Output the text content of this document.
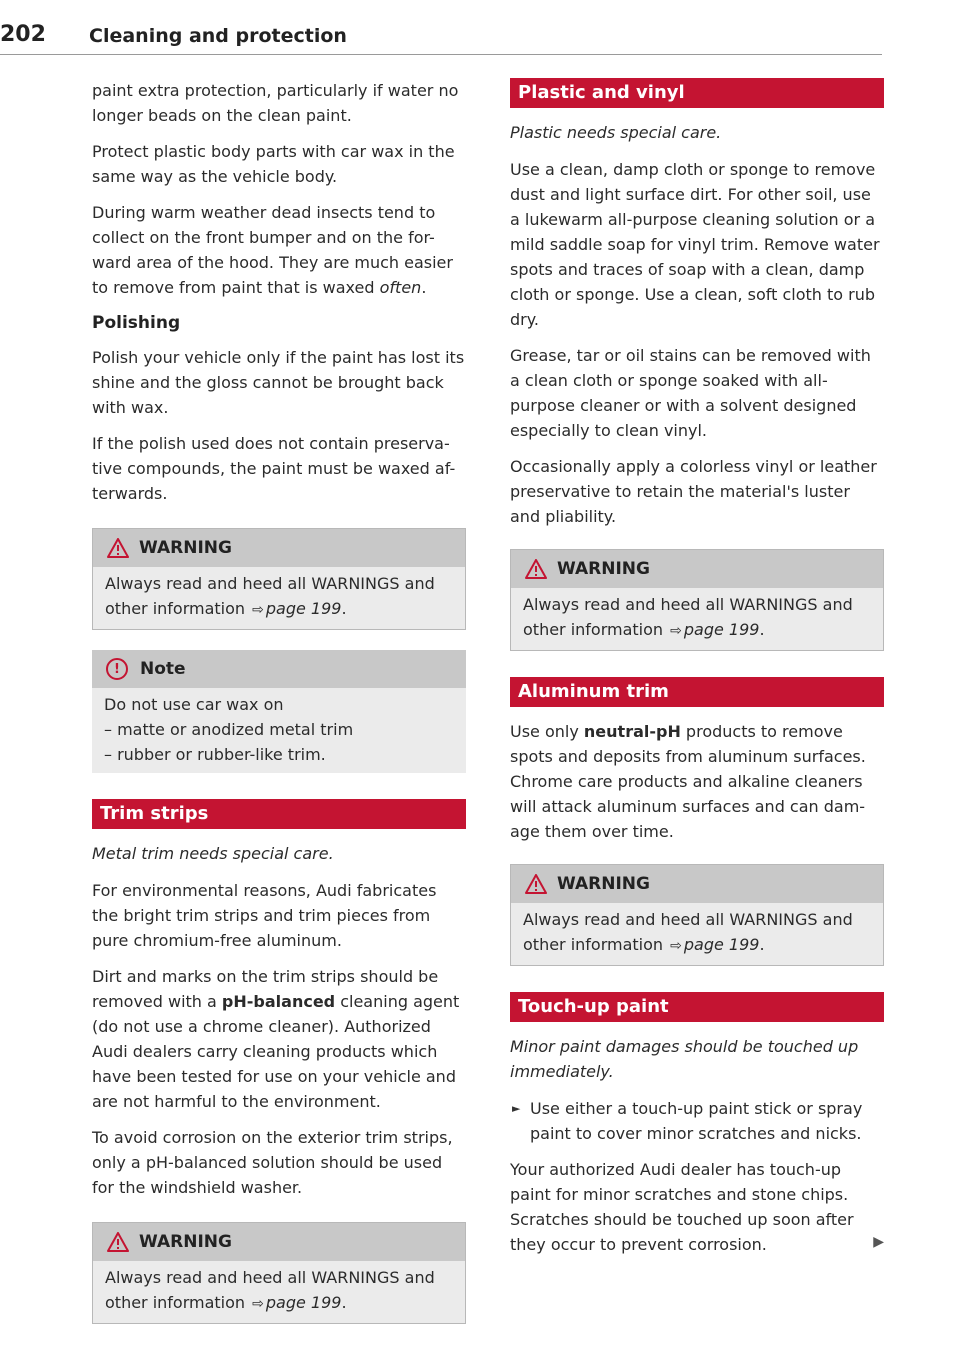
202 Cleaning and protection

paint extra protection, particularly if water no longer beads on the clean paint.

Protect plastic body parts with car wax in the same way as the vehicle body.

During warm weather dead insects tend to collect on the front bumper and on the for-ward area of the hood. They are much easier to remove from paint that is waxed often.

Polishing

Polish your vehicle only if the paint has lost its shine and the gloss cannot be brought back with wax.

If the polish used does not contain preserva-tive compounds, the paint must be waxed af-terwards.

WARNING

Always read and heed all WARNINGS and other information ⇨ page 199.

!	Note

Do not use car wax on

– matte or anodized metal trim

– rubber or rubber-like trim.

Trim strips

Metal trim needs special care.

For environmental reasons, Audi fabricates the bright trim strips and trim pieces from pure chromium-free aluminum.

Dirt and marks on the trim strips should be removed with a pH-balanced cleaning agent (do not use a chrome cleaner). Authorized Audi dealers carry cleaning products which have been tested for use on your vehicle and are not harmful to the environment.

To avoid corrosion on the exterior trim strips, only a pH-balanced solution should be used for the windshield washer.

WARNING

Always read and heed all WARNINGS and other information ⇨ page 199.

Plastic and vinyl

Plastic needs special care.

Use a clean, damp cloth or sponge to remove dust and light surface dirt. For other soil, use a lukewarm all-purpose cleaning solution or a mild saddle soap for vinyl trim. Remove water spots and traces of soap with a clean, damp cloth or sponge. Use a clean, soft cloth to rub dry.

Grease, tar or oil stains can be removed with a clean cloth or sponge soaked with all-purpose cleaner or with a solvent designed especially to clean vinyl.

Occasionally apply a colorless vinyl or leather preservative to retain the material's luster and pliability.

WARNING

Always read and heed all WARNINGS and other information ⇨ page 199.

Aluminum trim

Use only neutral-pH products to remove spots and deposits from aluminum surfaces. Chrome care products and alkaline cleaners will attack aluminum surfaces and can dam-age them over time.

WARNING

Always read and heed all WARNINGS and other information ⇨ page 199.

Touch-up paint

Minor paint damages should be touched up immediately.

► Use either a touch-up paint stick or spray paint to cover minor scratches and nicks.

Your authorized Audi dealer has touch-up paint for minor scratches and stone chips. Scratches should be touched up soon after they occur to prevent corrosion.	▶
